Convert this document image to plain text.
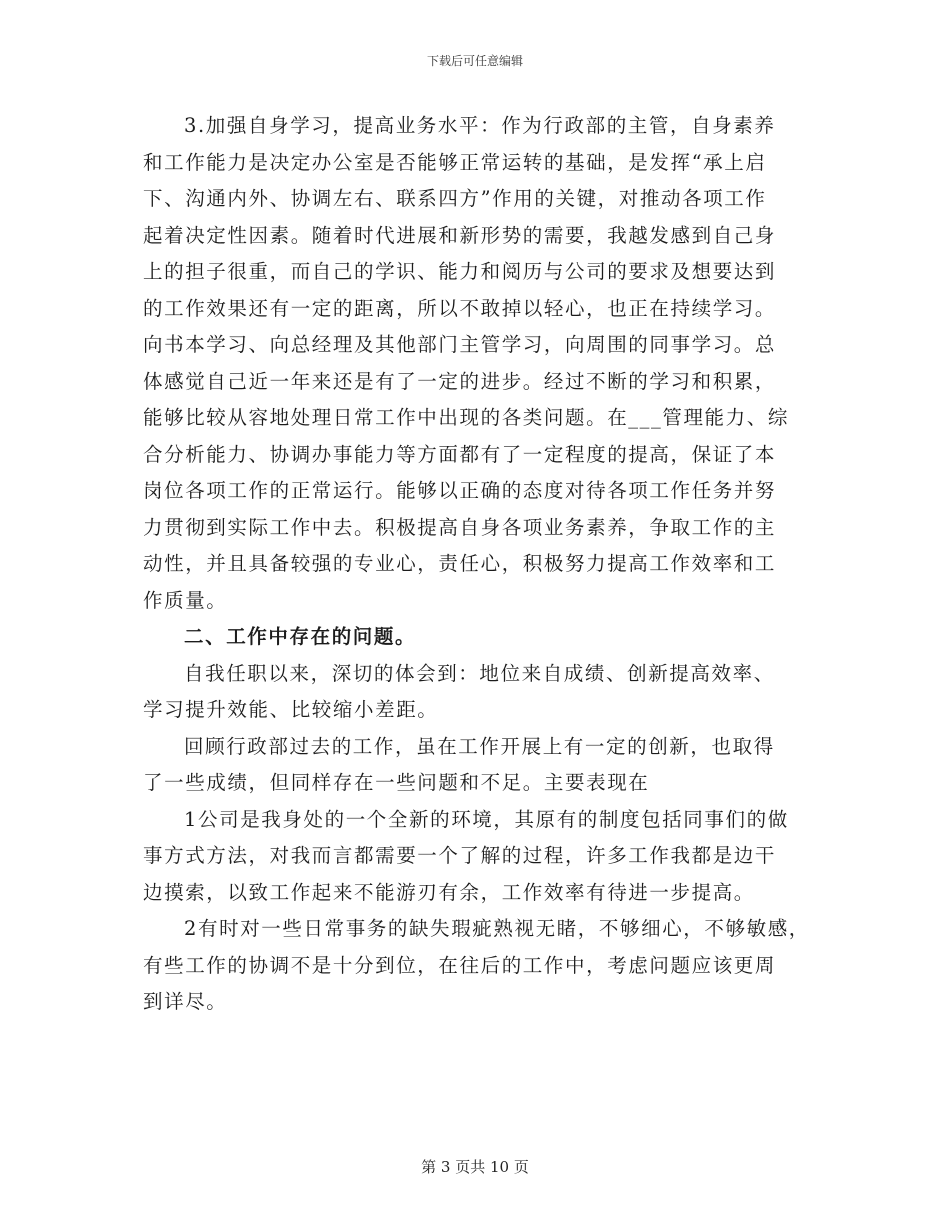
下载后可任意编辑
3.加强自身学习，提高业务水平：作为行政部的主管，自身素养
和工作能力是决定办公室是否能够正常运转的基础，是发挥“承上启
下、沟通内外、协调左右、联系四方”作用的关键，对推动各项工作
起着决定性因素。随着时代进展和新形势的需要，我越发感到自己身
上的担子很重，而自己的学识、能力和阅历与公司的要求及想要达到
的工作效果还有一定的距离，所以不敢掉以轻心，也正在持续学习。
向书本学习、向总经理及其他部门主管学习，向周围的同事学习。总
体感觉自己近一年来还是有了一定的进步。经过不断的学习和积累，
能够比较从容地处理日常工作中出现的各类问题。在___管理能力、综
合分析能力、协调办事能力等方面都有了一定程度的提高，保证了本
岗位各项工作的正常运行。能够以正确的态度对待各项工作任务并努
力贯彻到实际工作中去。积极提高自身各项业务素养，争取工作的主
动性，并且具备较强的专业心，责任心，积极努力提高工作效率和工
作质量。
二、工作中存在的问题。
自我任职以来，深切的体会到：地位来自成绩、创新提高效率、
学习提升效能、比较缩小差距。
回顾行政部过去的工作，虽在工作开展上有一定的创新，也取得
了一些成绩，但同样存在一些问题和不足。主要表现在
1公司是我身处的一个全新的环境，其原有的制度包括同事们的做
事方式方法，对我而言都需要一个了解的过程，许多工作我都是边干
边摸索，以致工作起来不能游刃有余，工作效率有待进一步提高。
2有时对一些日常事务的缺失瑕疵熟视无睹，不够细心，不够敏感，
有些工作的协调不是十分到位，在往后的工作中，考虑问题应该更周
到详尽。
第 3 页共 10 页
